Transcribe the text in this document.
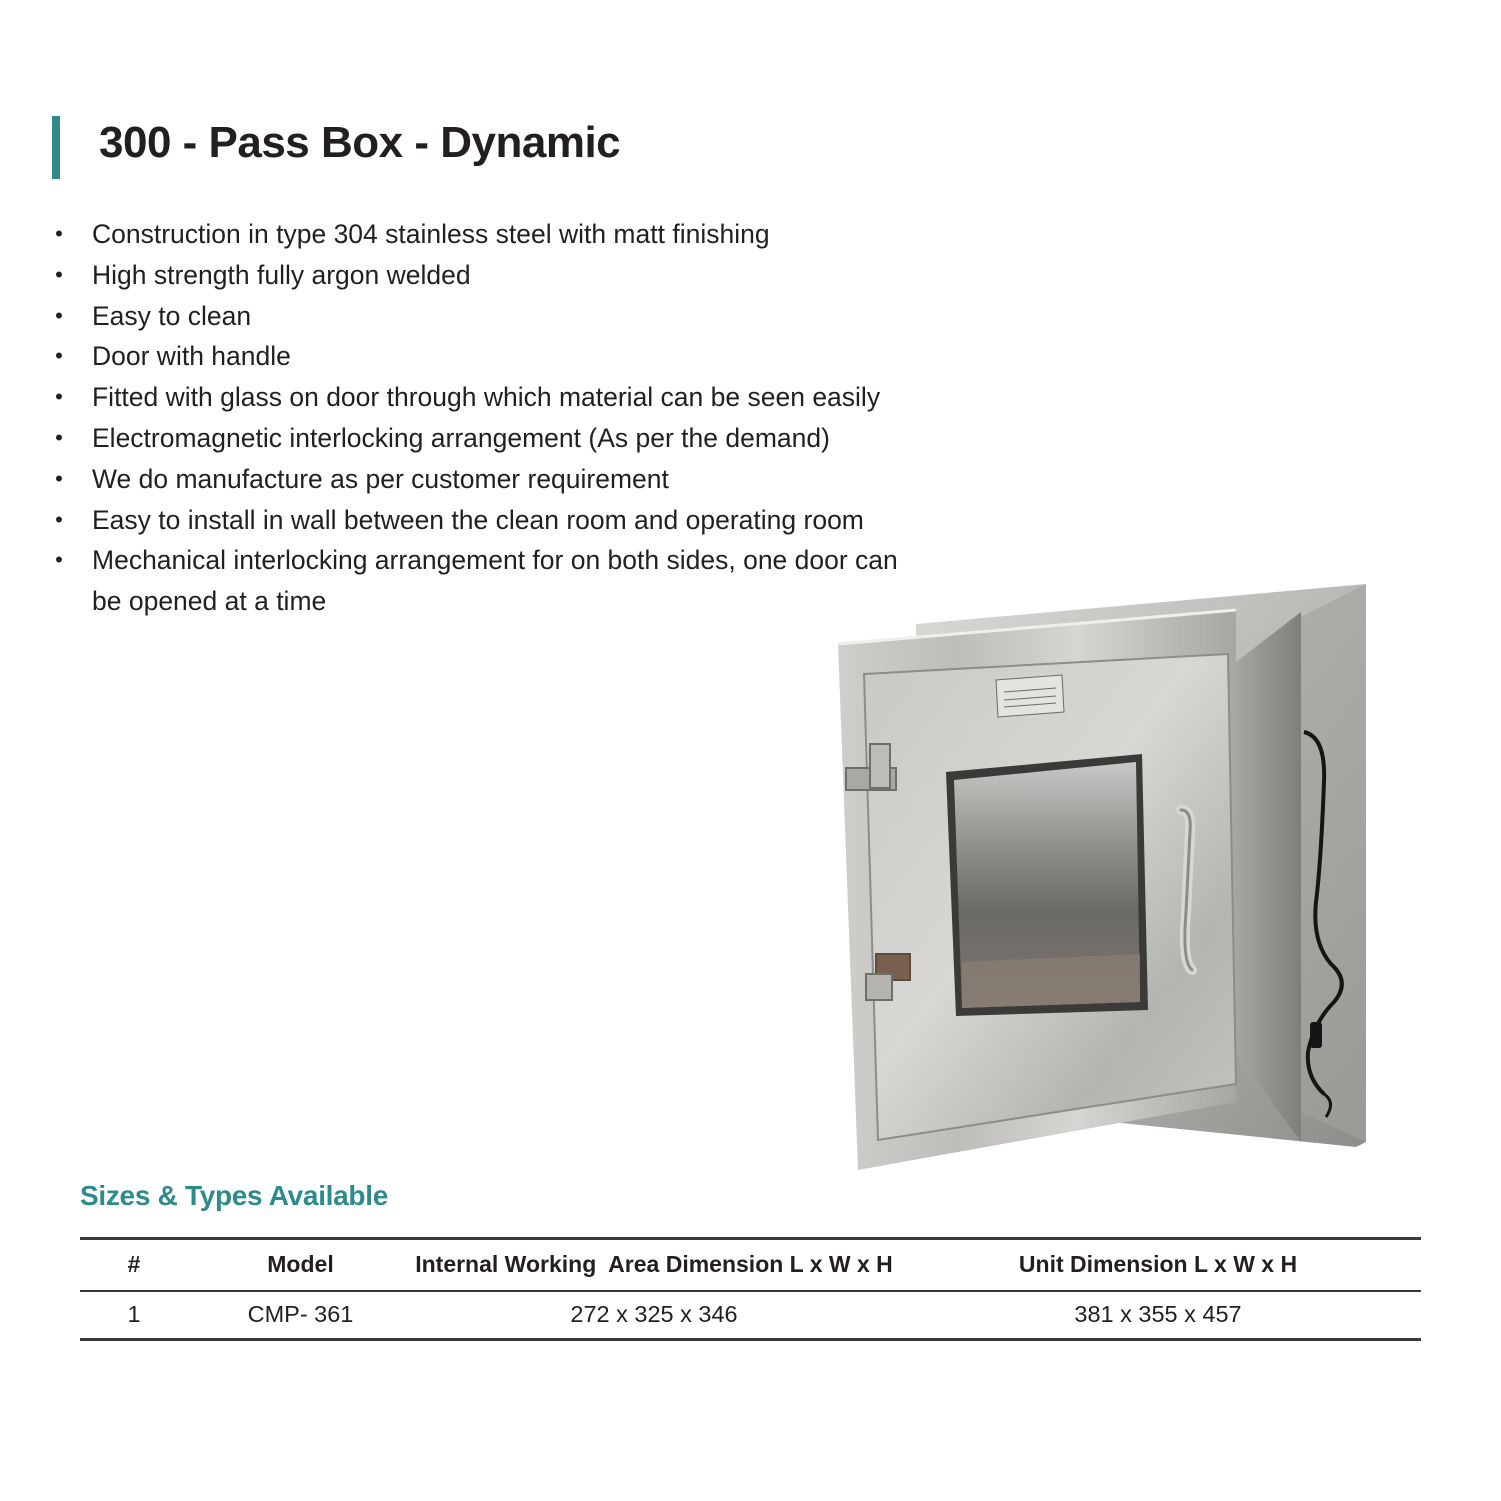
300 - Pass Box - Dynamic
• Construction in type 304 stainless steel with matt finishing
• High strength fully argon welded
• Easy to clean
• Door with handle
• Fitted with glass on door through which material can be seen easily
• Electromagnetic interlocking arrangement (As per the demand)
• We do manufacture as per customer requirement
• Easy to install in wall between the clean room and operating room
• Mechanical interlocking arrangement for on both sides, one door can be opened at a time
Sizes & Types Available
#	Model	Internal Working  Area Dimension L x W x H	Unit Dimension L x W x H
1	CMP- 361	272 x 325 x 346	381 x 355 x 457
